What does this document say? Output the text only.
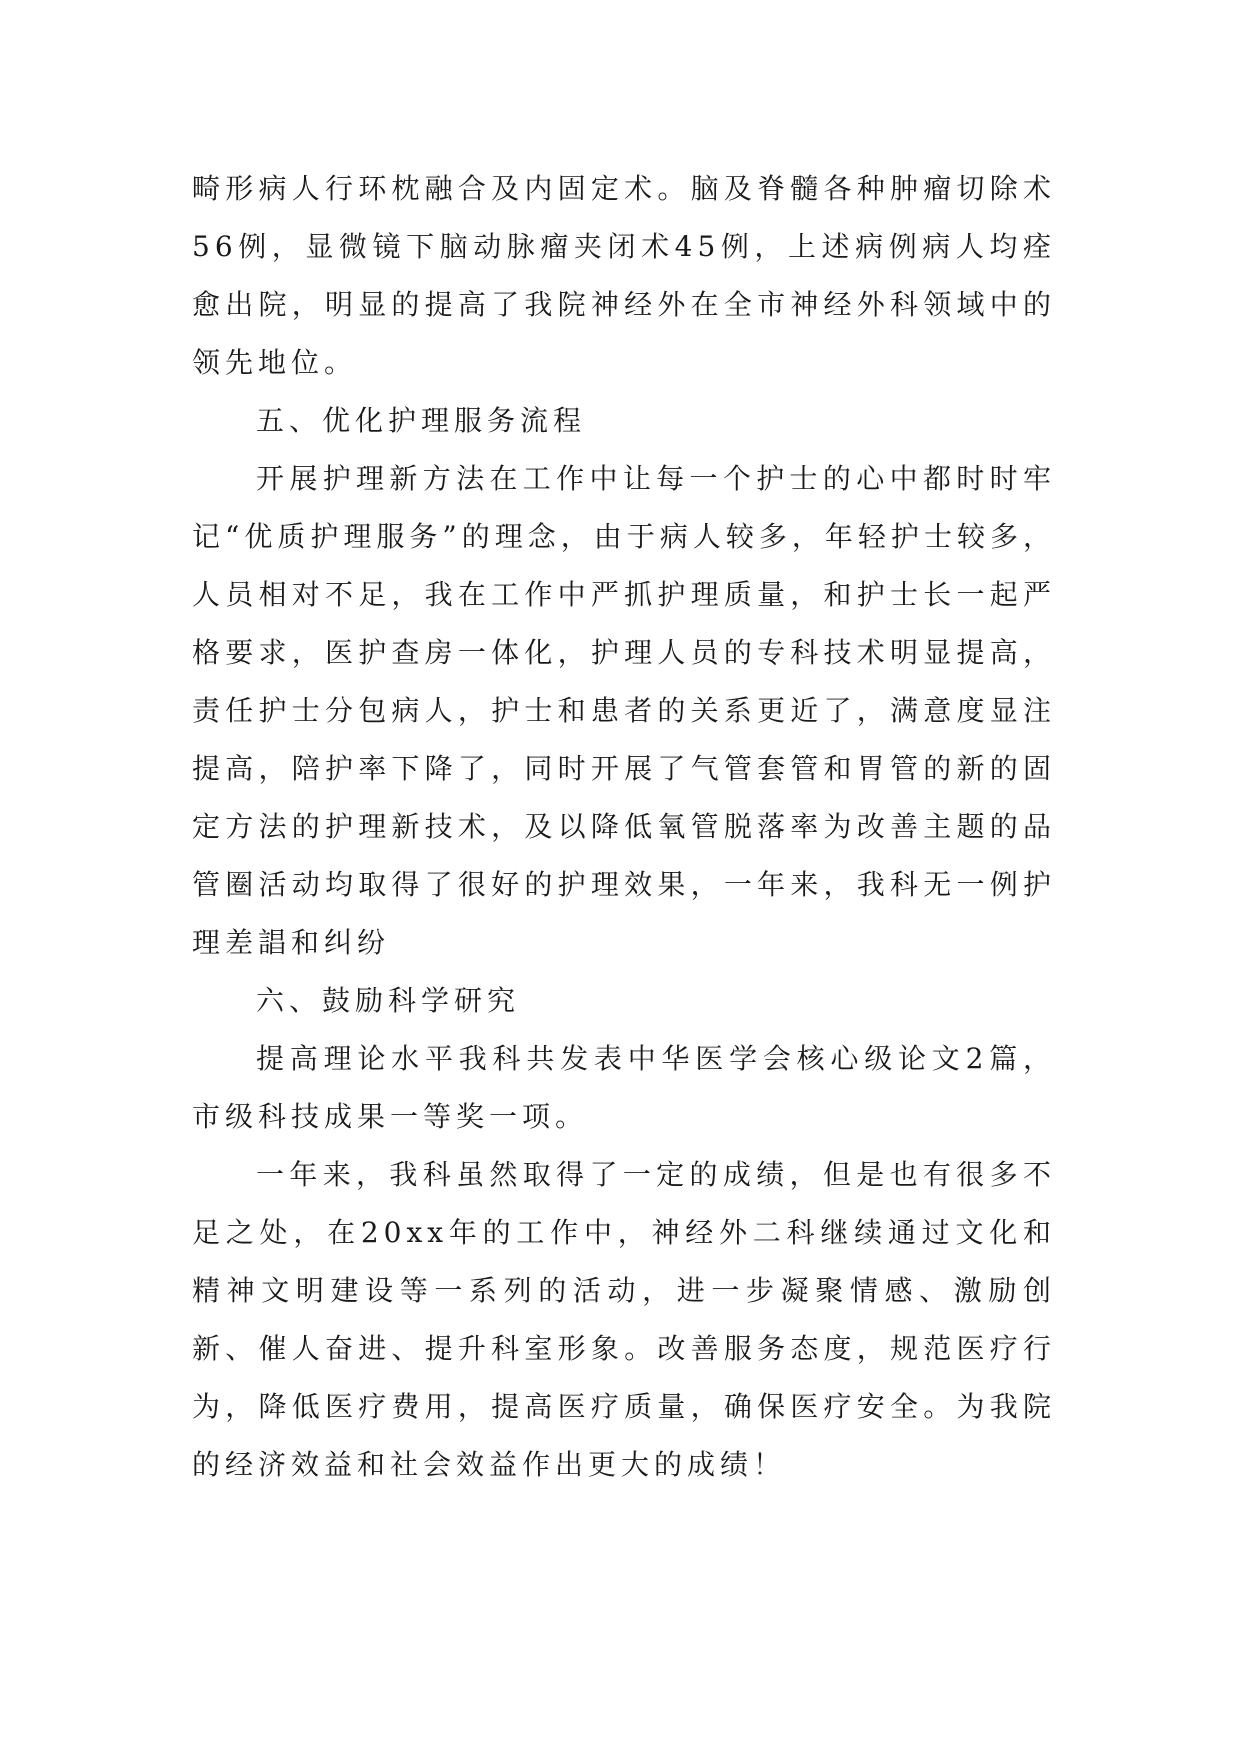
畸形病人行环枕融合及内固定术。脑及脊髓各种肿瘤切除术56例，显微镜下脑动脉瘤夹闭术45例，上述病例病人均痊愈出院，明显的提高了我院神经外在全市神经外科领域中的领先地位。

五、优化护理服务流程

开展护理新方法在工作中让每一个护士的心中都时时牢记“优质护理服务”的理念，由于病人较多，年轻护士较多，人员相对不足，我在工作中严抓护理质量，和护士长一起严格要求，医护查房一体化，护理人员的专科技术明显提高，责任护士分包病人，护士和患者的关系更近了，满意度显注提高，陪护率下降了，同时开展了气管套管和胃管的新的固定方法的护理新技术，及以降低氧管脱落率为改善主题的品管圈活动均取得了很好的护理效果，一年来，我科无一例护理差誯和纠纷

六、鼓励科学研究

提高理论水平我科共发表中华医学会核心级论文2篇，市级科技成果一等奖一项。

一年来，我科虽然取得了一定的成绩，但是也有很多不足之处，在20xx年的工作中，神经外二科继续通过文化和精神文明建设等一系列的活动，进一步凝聚情感、激励创新、催人奋进、提升科室形象。改善服务态度，规范医疗行为，降低医疗费用，提高医疗质量，确保医疗安全。为我院的经济效益和社会效益作出更大的成绩！
